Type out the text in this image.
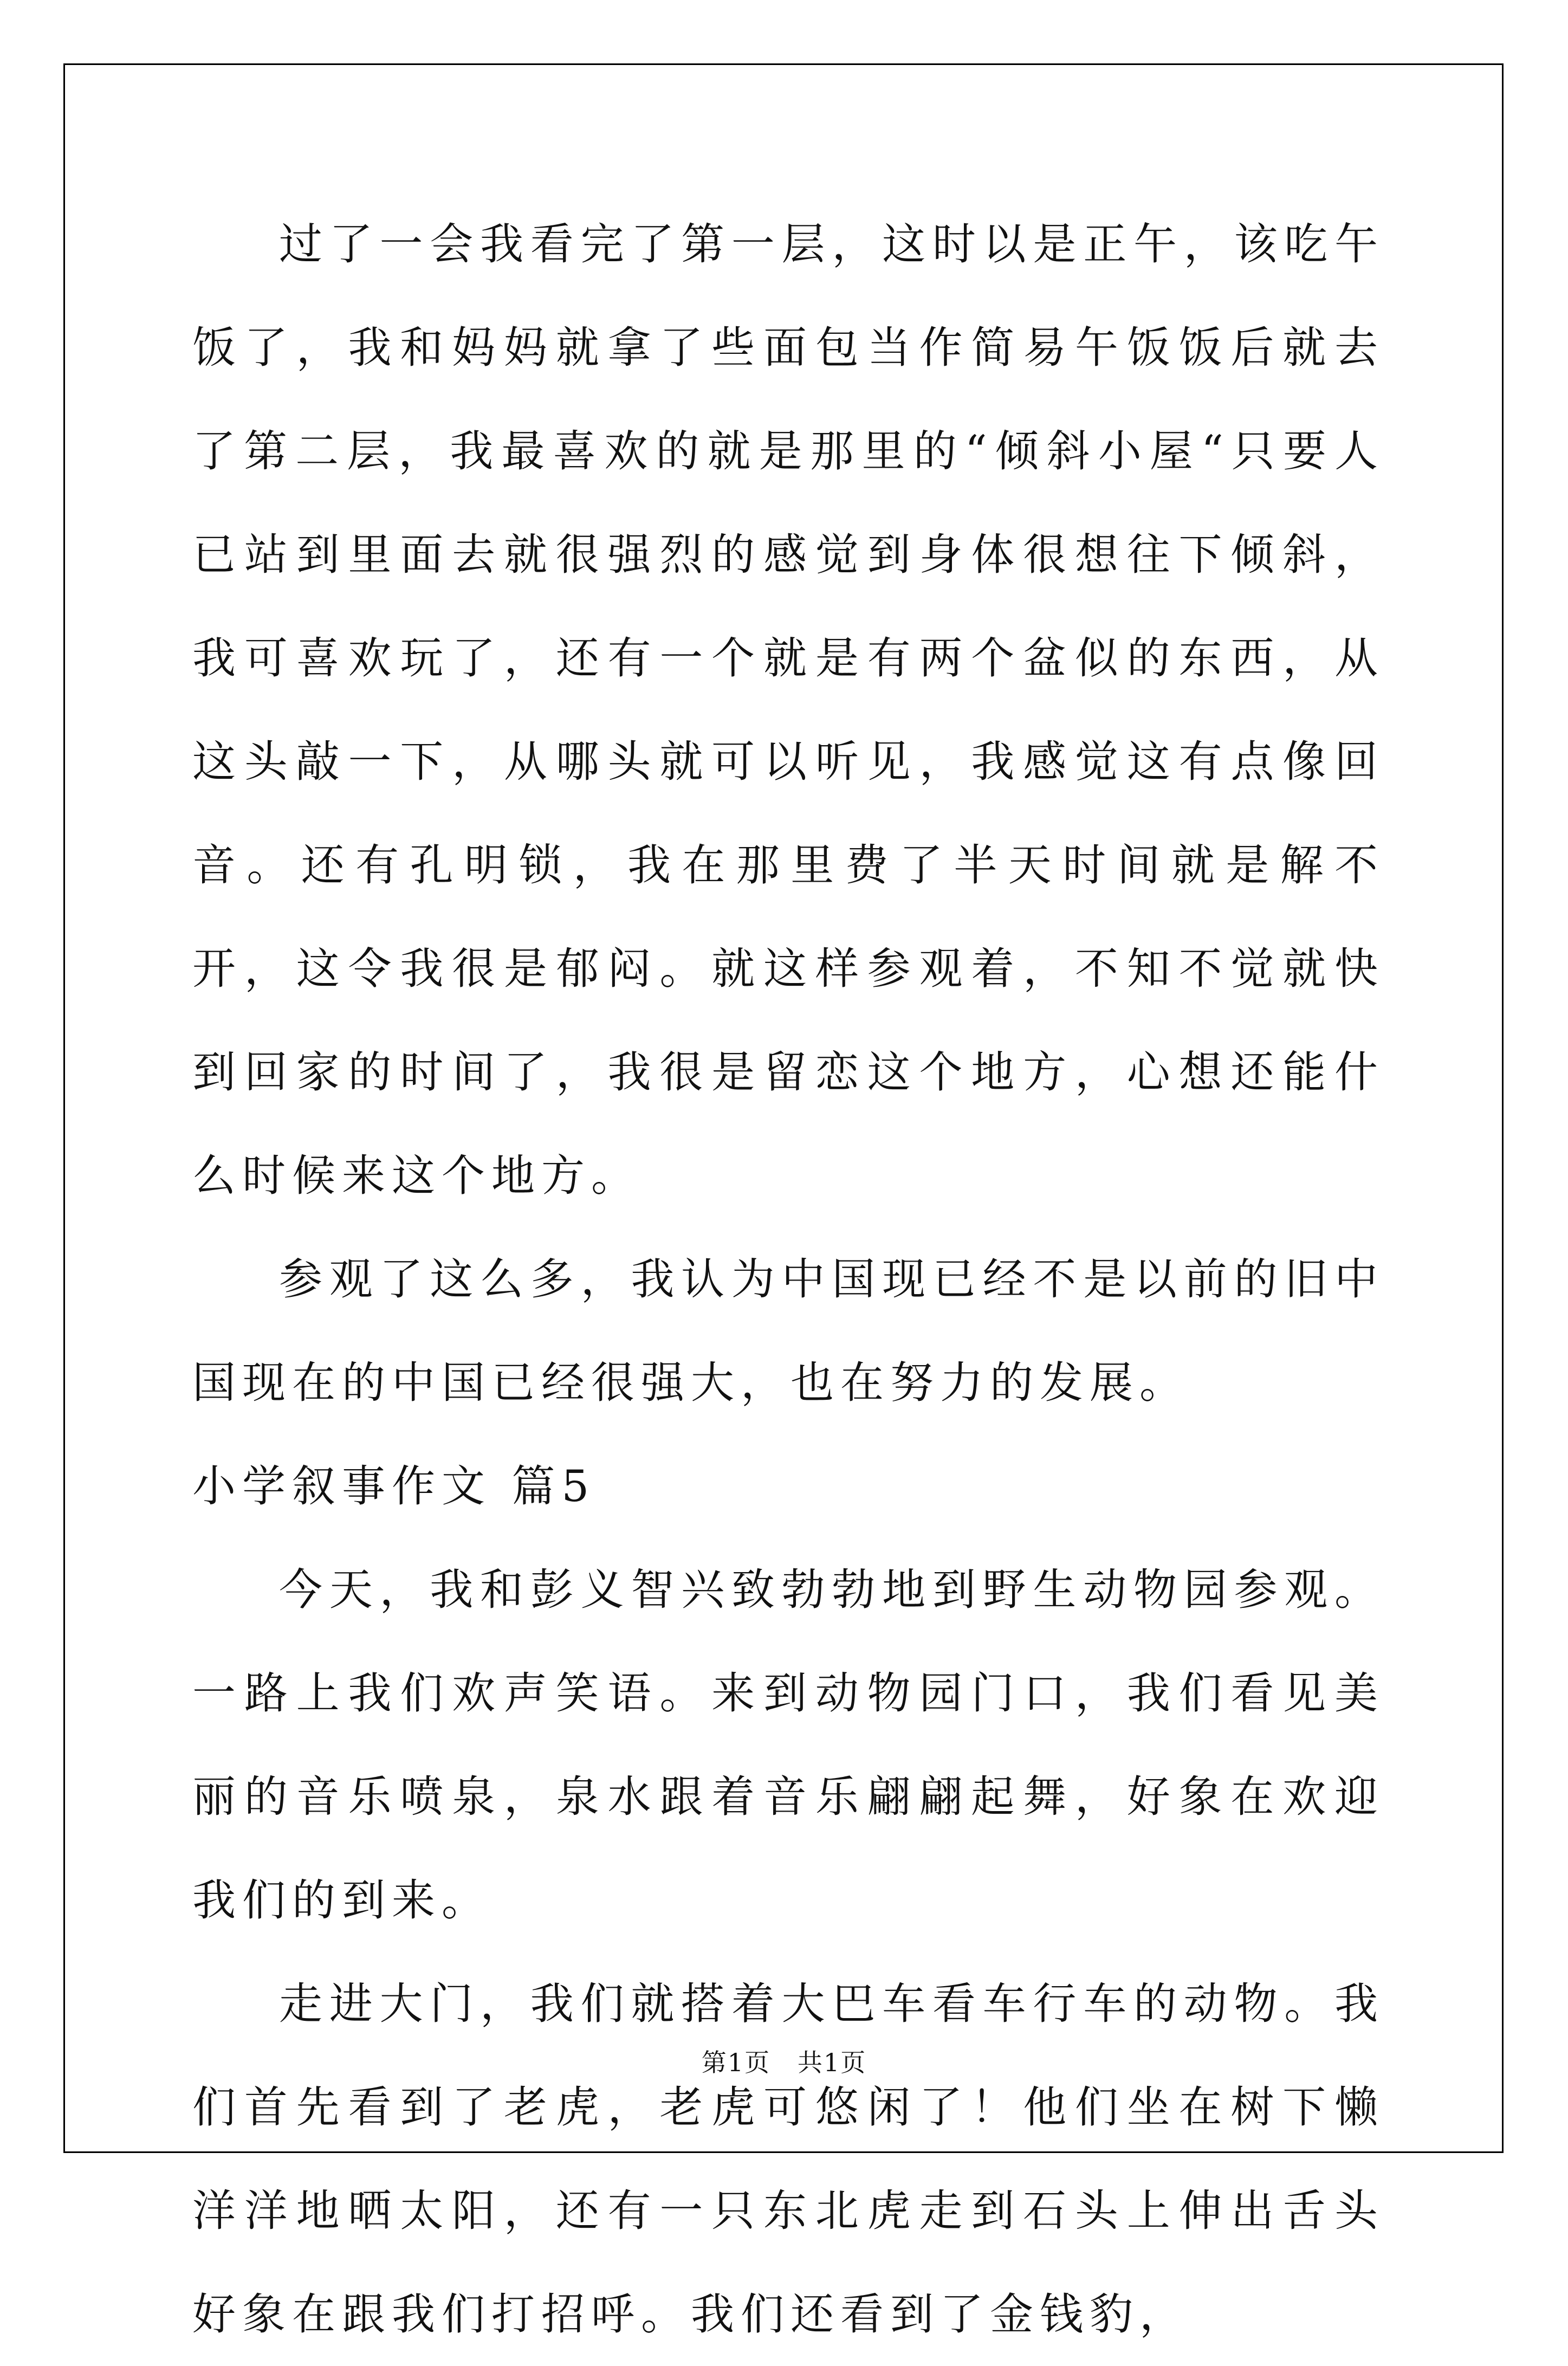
过了一会我看完了第一层，这时以是正午，该吃午饭了，我和妈妈就拿了些面包当作简易午饭饭后就去了第二层，我最喜欢的就是那里的“倾斜小屋“只要人已站到里面去就很强烈的感觉到身体很想往下倾斜，我可喜欢玩了，还有一个就是有两个盆似的东西，从这头敲一下，从哪头就可以听见，我感觉这有点像回音。还有孔明锁，我在那里费了半天时间就是解不开，这令我很是郁闷。就这样参观着，不知不觉就快到回家的时间了，我很是留恋这个地方，心想还能什么时候来这个地方。

参观了这么多，我认为中国现已经不是以前的旧中国现在的中国已经很强大，也在努力的发展。

小学叙事作文 篇5

今天，我和彭义智兴致勃勃地到野生动物园参观。一路上我们欢声笑语。来到动物园门口，我们看见美丽的音乐喷泉，泉水跟着音乐翩翩起舞，好象在欢迎我们的到来。

走进大门，我们就搭着大巴车看车行车的动物。我们首先看到了老虎，老虎可悠闲了！他们坐在树下懒洋洋地晒太阳，还有一只东北虎走到石头上伸出舌头好象在跟我们打招呼。我们还看到了金钱豹，

第1页   共1页
